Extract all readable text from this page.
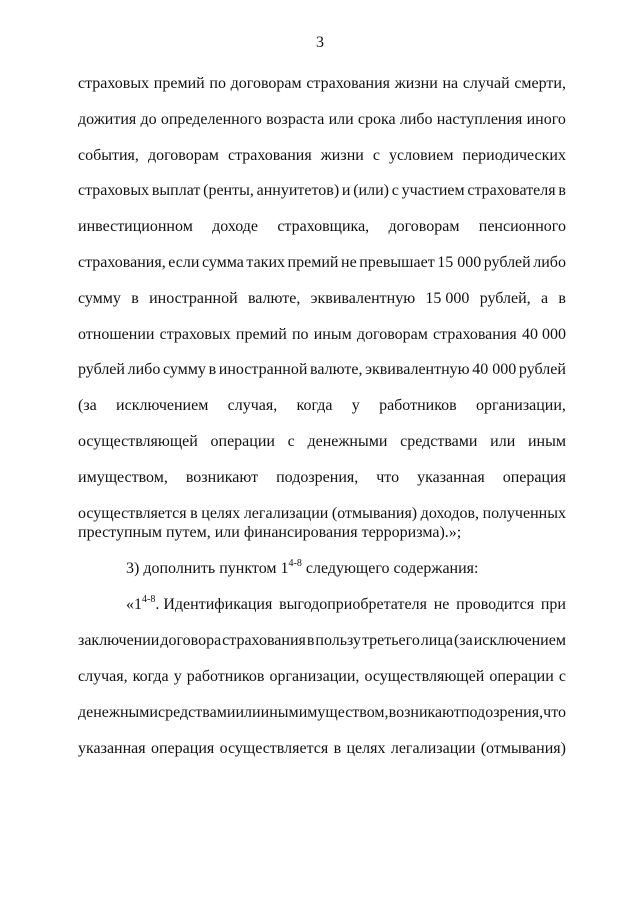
3
страховых премий по договорам страхования жизни на случай смерти,
дожития до определенного возраста или срока либо наступления иного
события, договорам страхования жизни с условием периодических
страховых выплат (ренты, аннуитетов) и (или) с участием страхователя в
инвестиционном доходе страховщика, договорам пенсионного
страхования, если сумма таких премий не превышает 15 000 рублей либо
сумму в иностранной валюте, эквивалентную 15 000 рублей, а в
отношении страховых премий по иным договорам страхования 40 000
рублей либо сумму в иностранной валюте, эквивалентную 40 000 рублей
(за исключением случая, когда у работников организации,
осуществляющей операции с денежными средствами или иным
имуществом, возникают подозрения, что указанная операция
осуществляется в целях легализации (отмывания) доходов, полученных
преступным путем, или финансирования терроризма).»;
3) дополнить пунктом 1$^{4-8}$ следующего содержания:
«1$^{4-8}$. Идентификация выгодоприобретателя не проводится при
заключении договора страхования в пользу третьего лица (за исключением
случая, когда у работников организации, осуществляющей операции с
денежными средствами или иным имуществом, возникают подозрения, что
указанная операция осуществляется в целях легализации (отмывания)
